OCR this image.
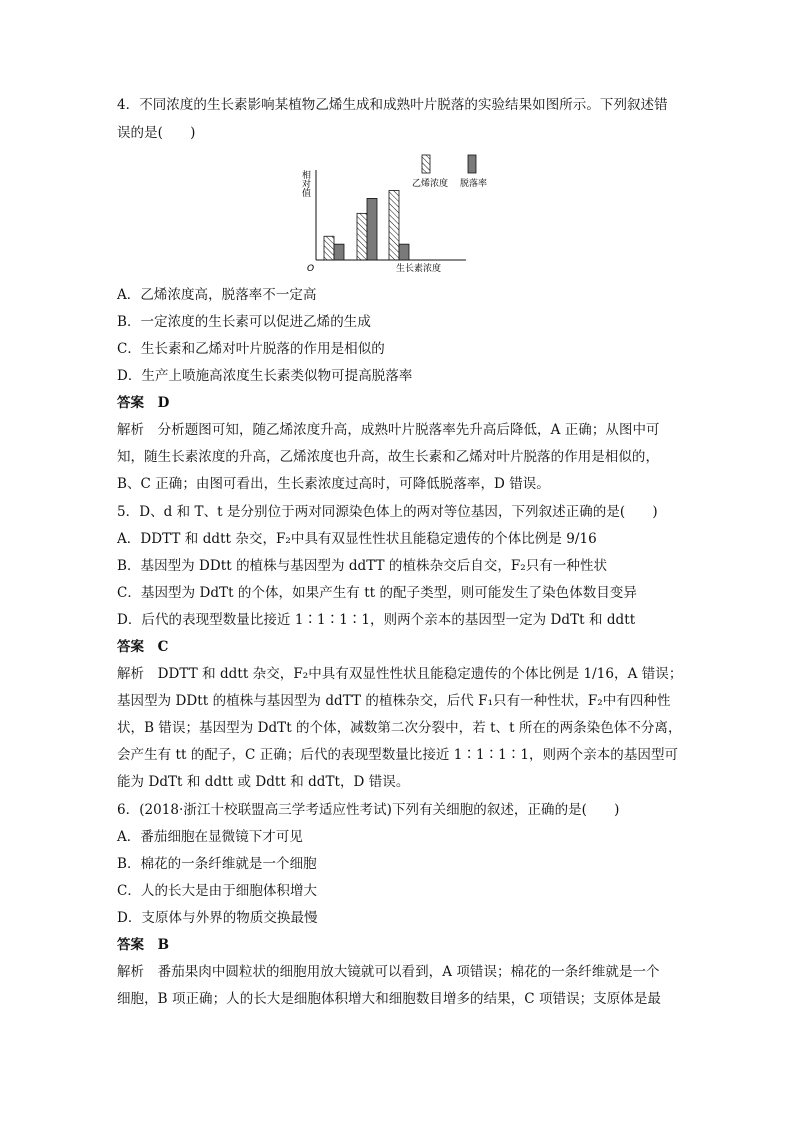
4．不同浓度的生长素影响某植物乙烯生成和成熟叶片脱落的实验结果如图所示。下列叙述错
误的是(　　)
相对值
O	生长素浓度
乙烯浓度 脱落率
A．乙烯浓度高，脱落率不一定高
B．一定浓度的生长素可以促进乙烯的生成
C．生长素和乙烯对叶片脱落的作用是相似的
D．生产上喷施高浓度生长素类似物可提高脱落率
答案　D
解析　分析题图可知，随乙烯浓度升高，成熟叶片脱落率先升高后降低，A 正确；从图中可
知，随生长素浓度的升高，乙烯浓度也升高，故生长素和乙烯对叶片脱落的作用是相似的，
B、C 正确；由图可看出，生长素浓度过高时，可降低脱落率，D 错误。
5．D、d 和 T、t 是分别位于两对同源染色体上的两对等位基因，下列叙述正确的是(　　)
A．DDTT 和 ddtt 杂交，F₂中具有双显性性状且能稳定遗传的个体比例是 9/16
B．基因型为 DDtt 的植株与基因型为 ddTT 的植株杂交后自交，F₂只有一种性状
C．基因型为 DdTt 的个体，如果产生有 tt 的配子类型，则可能发生了染色体数目变异
D．后代的表现型数量比接近 1∶1∶1∶1，则两个亲本的基因型一定为 DdTt 和 ddtt
答案　C
解析　DDTT 和 ddtt 杂交，F₂中具有双显性性状且能稳定遗传的个体比例是 1/16，A 错误；
基因型为 DDtt 的植株与基因型为 ddTT 的植株杂交，后代 F₁只有一种性状，F₂中有四种性
状，B 错误；基因型为 DdTt 的个体，减数第二次分裂中，若 t、t 所在的两条染色体不分离，
会产生有 tt 的配子，C 正确；后代的表现型数量比接近 1∶1∶1∶1，则两个亲本的基因型可
能为 DdTt 和 ddtt 或 Ddtt 和 ddTt，D 错误。
6．(2018·浙江十校联盟高三学考适应性考试)下列有关细胞的叙述，正确的是(　　)
A．番茄细胞在显微镜下才可见
B．棉花的一条纤维就是一个细胞
C．人的长大是由于细胞体积增大
D．支原体与外界的物质交换最慢
答案　B
解析　番茄果肉中圆粒状的细胞用放大镜就可以看到，A 项错误；棉花的一条纤维就是一个
细胞，B 项正确；人的长大是细胞体积增大和细胞数目增多的结果，C 项错误；支原体是最
